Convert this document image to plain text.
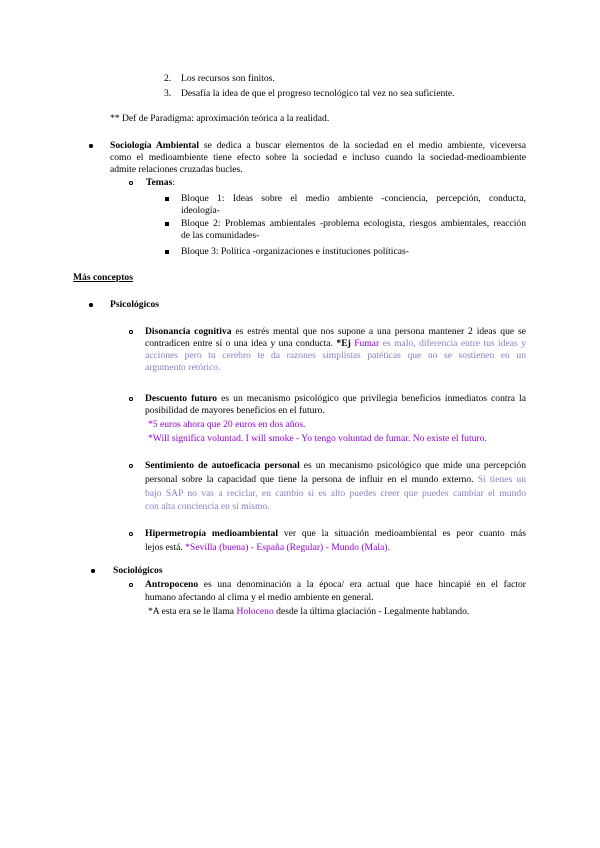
2. Los recursos son finitos.
3. Desafía la idea de que el progreso tecnológico tal vez no sea suficiente.
** Def de Paradigma: aproximación teórica a la realidad.
Sociología Ambiental se dedica a buscar elementos de la sociedad en el medio ambiente, viceversa
como el medioambiente tiene efecto sobre la sociedad e incluso cuando la sociedad-medioambiente
admite relaciones cruzadas bucles.
Temas:
Bloque 1: Ideas sobre el medio ambiente -conciencia, percepción, conducta,
ideología-
Bloque 2: Problemas ambientales -problema ecologista, riesgos ambientales, reacción
de las comunidades-
Bloque 3: Política -organizaciones e instituciones políticas-
Más conceptos
Psicológicos
Disonancia cognitiva es estrés mental que nos supone a una persona mantener 2 ideas que se
contradicen entre sí o una idea y una conducta. *Ej Fumar es malo, diferencia entre tus ideas y
acciones pero tu cerebro te da razones simplistas patéticas que no se sostienen en un
argumento retórico.
Descuento futuro es un mecanismo psicológico que privilegia beneficios inmediatos contra la
posibilidad de mayores beneficios en el futuro.
*5 euros ahora que 20 euros en dos años.
*Will significa voluntad. I will smoke - Yo tengo voluntad de fumar. No existe el futuro.
Sentimiento de autoeficacia personal es un mecanismo psicológico que mide una percepción
personal sobre la capacidad que tiene la persona de influir en el mundo externo. Si tienes un
bajo SAP no vas a reciclar, en cambio si es alto puedes creer que puedes cambiar el mundo
con alta conciencia en sí mismo.
Hipermetropía medioambiental ver que la situación medioambiental es peor cuanto más
lejos está. *Sevilla (buena) - España (Regular) - Mundo (Mala).
Sociológicos
Antropoceno es una denominación a la época/ era actual que hace hincapié en el factor
humano afectando al clima y el medio ambiente en general.
*A esta era se le llama Holoceno desde la última glaciación - Legalmente hablando.
